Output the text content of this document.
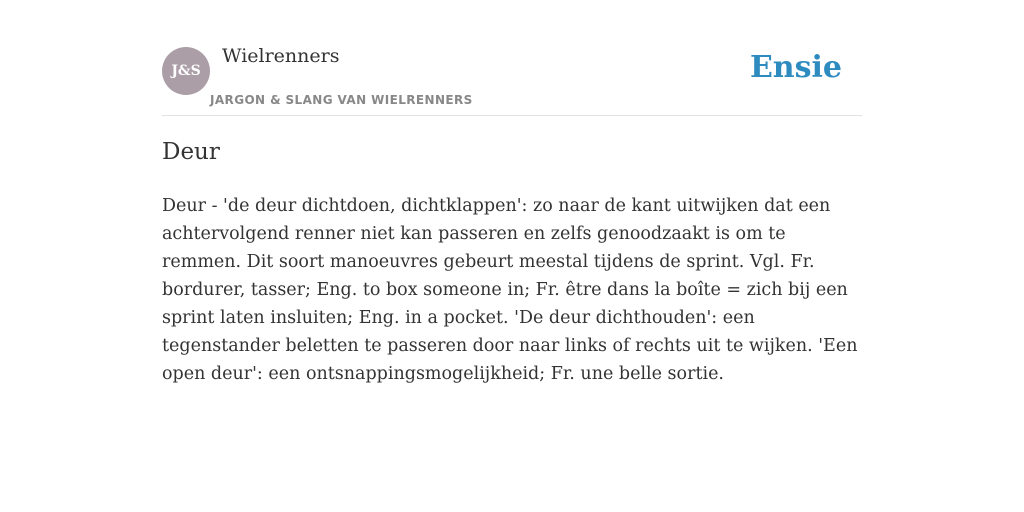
J&S
Wielrenners
JARGON & SLANG VAN WIELRENNERS
Ensie
Deur

Deur - 'de deur dichtdoen, dichtklappen': zo naar de kant uitwijken dat een achtervolgend renner niet kan passeren en zelfs genoodzaakt is om te remmen. Dit soort manoeuvres gebeurt meestal tijdens de sprint. Vgl. Fr. bordurer, tasser; Eng. to box someone in; Fr. être dans la boîte = zich bij een sprint laten insluiten; Eng. in a pocket. 'De deur dichthouden': een tegenstander beletten te passeren door naar links of rechts uit te wijken. 'Een open deur': een ontsnappingsmogelijkheid; Fr. une belle sortie.
